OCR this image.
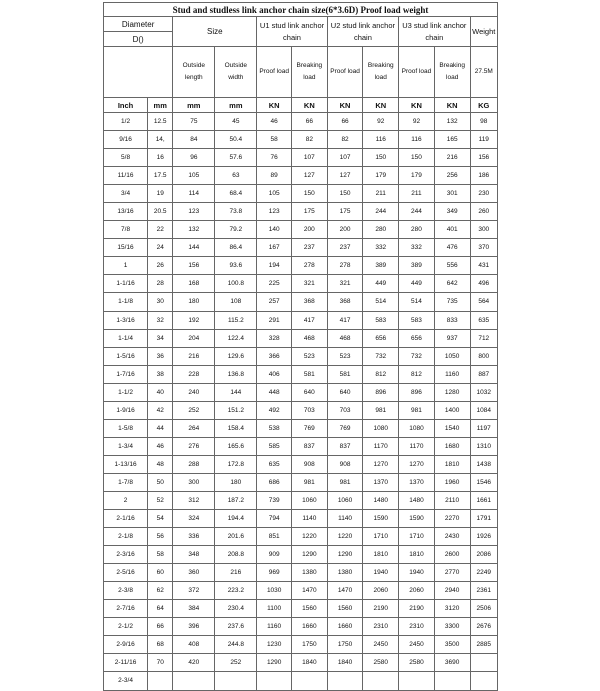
Stud and studless link anchor chain size(6*3.6D) Proof load weight										
Diameter		Size		U1 stud link anchor chain		U2 stud link anchor chain		U3 stud link anchor chain		Weight
D()										
		Outside length	Outside width	Proof load	Breaking load	Proof load	Breaking load	Proof load	Breaking load	27.5M
Inch	mm	mm	mm	KN	KN	KN	KN	KN	KN	KG
1/2	12.5	75	45	46	66	66	92	92	132	98
9/16	14,	84	50.4	58	82	82	116	116	165	119
5/8	16	96	57.6	76	107	107	150	150	216	156
11/16	17.5	105	63	89	127	127	179	179	256	186
3/4	19	114	68.4	105	150	150	211	211	301	230
13/16	20.5	123	73.8	123	175	175	244	244	349	260
7/8	22	132	79.2	140	200	200	280	280	401	300
15/16	24	144	86.4	167	237	237	332	332	476	370
1	26	156	93.6	194	278	278	389	389	556	431
1-1/16	28	168	100.8	225	321	321	449	449	642	496
1-1/8	30	180	108	257	368	368	514	514	735	564
1-3/16	32	192	115.2	291	417	417	583	583	833	635
1-1/4	34	204	122.4	328	468	468	656	656	937	712
1-5/16	36	216	129.6	366	523	523	732	732	1050	800
1-7/16	38	228	136.8	406	581	581	812	812	1160	887
1-1/2	40	240	144	448	640	640	896	896	1280	1032
1-9/16	42	252	151.2	492	703	703	981	981	1400	1084
1-5/8	44	264	158.4	538	769	769	1080	1080	1540	1197
1-3/4	46	276	165.6	585	837	837	1170	1170	1680	1310
1-13/16	48	288	172.8	635	908	908	1270	1270	1810	1438
1-7/8	50	300	180	686	981	981	1370	1370	1960	1546
2	52	312	187.2	739	1060	1060	1480	1480	2110	1661
2-1/16	54	324	194.4	794	1140	1140	1590	1590	2270	1791
2-1/8	56	336	201.6	851	1220	1220	1710	1710	2430	1926
2-3/16	58	348	208.8	909	1290	1290	1810	1810	2600	2086
2-5/16	60	360	216	969	1380	1380	1940	1940	2770	2249
2-3/8	62	372	223.2	1030	1470	1470	2060	2060	2940	2361
2-7/16	64	384	230.4	1100	1560	1560	2190	2190	3120	2506
2-1/2	66	396	237.6	1160	1660	1660	2310	2310	3300	2676
2-9/16	68	408	244.8	1230	1750	1750	2450	2450	3500	2885
2-11/16	70	420	252	1290	1840	1840	2580	2580	3690	
2-3/4										
